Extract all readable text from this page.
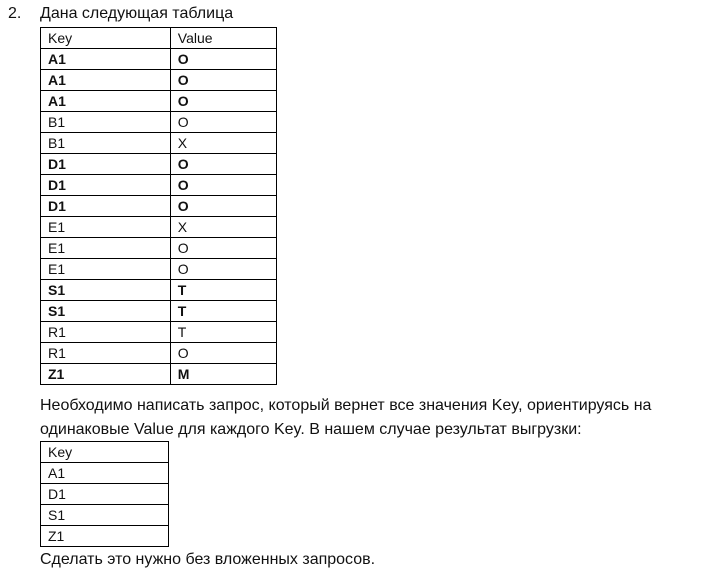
2. Дана следующая таблица
Key	Value
A1	O
A1	O
A1	O
B1	O
B1	X
D1	O
D1	O
D1	O
E1	X
E1	O
E1	O
S1	T
S1	T
R1	T
R1	O
Z1	M
Необходимо написать запрос, который вернет все значения Key, ориентируясь на
одинаковые Value для каждого Key. В нашем случае результат выгрузки:
Key
A1
D1
S1
Z1
Сделать это нужно без вложенных запросов.
